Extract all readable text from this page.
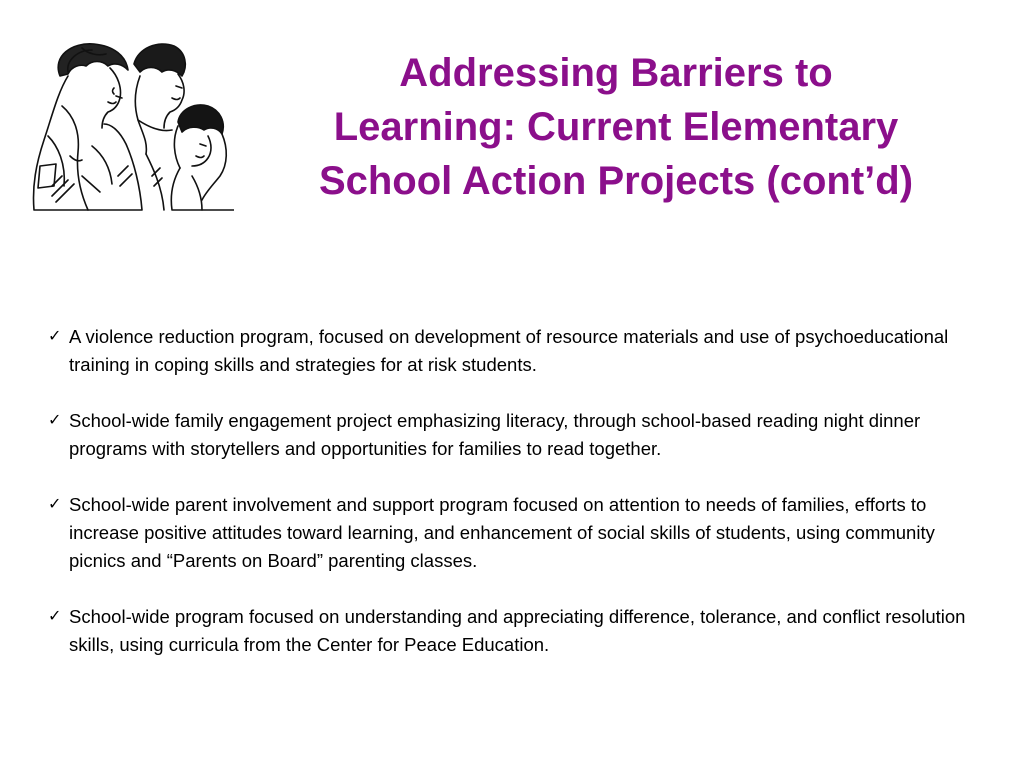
Addressing Barriers to
Learning: Current Elementary
School Action Projects (cont’d)
✓ A violence reduction program, focused on development of resource materials and use of psychoeducational training in coping skills and strategies for at risk students.
✓ School-wide family engagement project emphasizing literacy, through school-based reading night dinner programs with storytellers and opportunities for families to read together.
✓ School-wide parent involvement and support program focused on attention to needs of families, efforts to increase positive attitudes toward learning, and enhancement of social skills of students, using community picnics and “Parents on Board” parenting classes.
✓ School-wide program focused on understanding and appreciating difference, tolerance, and conflict resolution skills, using curricula from the Center for Peace Education.
